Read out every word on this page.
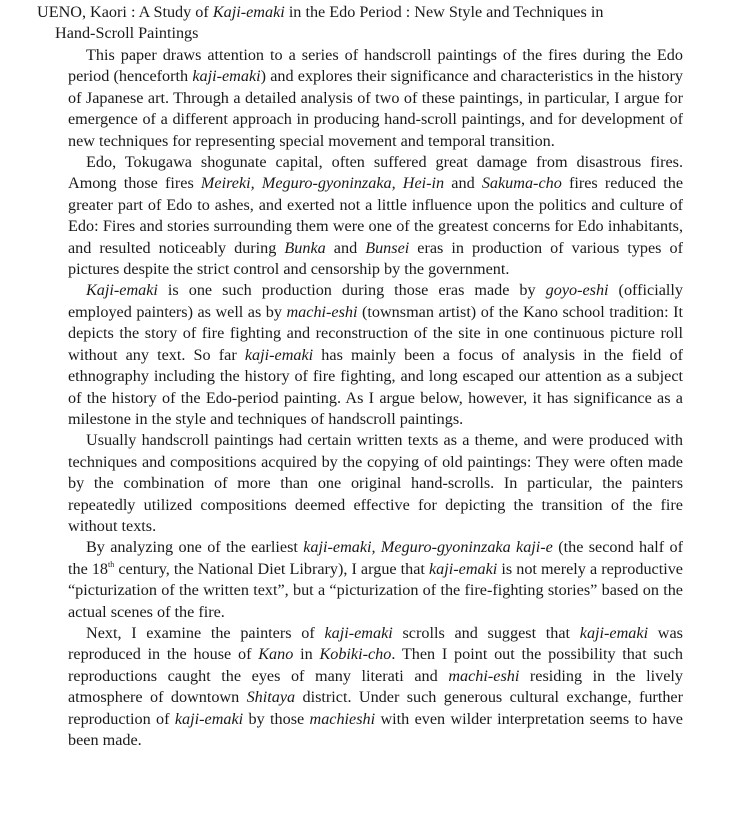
UENO, Kaori : A Study of Kaji-emaki in the Edo Period : New Style and Techniques in
Hand-Scroll Paintings

This paper draws attention to a series of handscroll paintings of the fires during the Edo period (henceforth kaji-emaki) and explores their significance and characteristics in the history of Japanese art. Through a detailed analysis of two of these paintings, in particular, I argue for emergence of a different approach in producing hand-scroll paintings, and for development of new techniques for representing special movement and temporal transition.

Edo, Tokugawa shogunate capital, often suffered great damage from disastrous fires. Among those fires Meireki, Meguro-gyoninzaka, Hei-in and Sakuma-cho fires reduced the greater part of Edo to ashes, and exerted not a little influence upon the politics and culture of Edo: Fires and stories surrounding them were one of the greatest concerns for Edo inhabitants, and resulted noticeably during Bunka and Bunsei eras in production of various types of pictures despite the strict control and censorship by the government.

Kaji-emaki is one such production during those eras made by goyo-eshi (officially employed painters) as well as by machi-eshi (townsman artist) of the Kano school tradition: It depicts the story of fire fighting and reconstruction of the site in one continuous picture roll without any text. So far kaji-emaki has mainly been a focus of analysis in the field of ethnography including the history of fire fighting, and long escaped our attention as a subject of the history of the Edo-period painting. As I argue below, however, it has significance as a milestone in the style and techniques of handscroll paintings.

Usually handscroll paintings had certain written texts as a theme, and were produced with techniques and compositions acquired by the copying of old paintings: They were often made by the combination of more than one original hand-scrolls. In particular, the painters repeatedly utilized compositions deemed effective for depicting the transition of the fire without texts.

By analyzing one of the earliest kaji-emaki, Meguro-gyoninzaka kaji-e (the second half of the 18th century, the National Diet Library), I argue that kaji-emaki is not merely a reproductive “picturization of the written text”, but a “picturization of the fire-fighting stories” based on the actual scenes of the fire.

Next, I examine the painters of kaji-emaki scrolls and suggest that kaji-emaki was reproduced in the house of Kano in Kobiki-cho. Then I point out the possibility that such reproductions caught the eyes of many literati and machi-eshi residing in the lively atmosphere of downtown Shitaya district. Under such generous cultural exchange, further reproduction of kaji-emaki by those machieshi with even wilder interpretation seems to have been made.
